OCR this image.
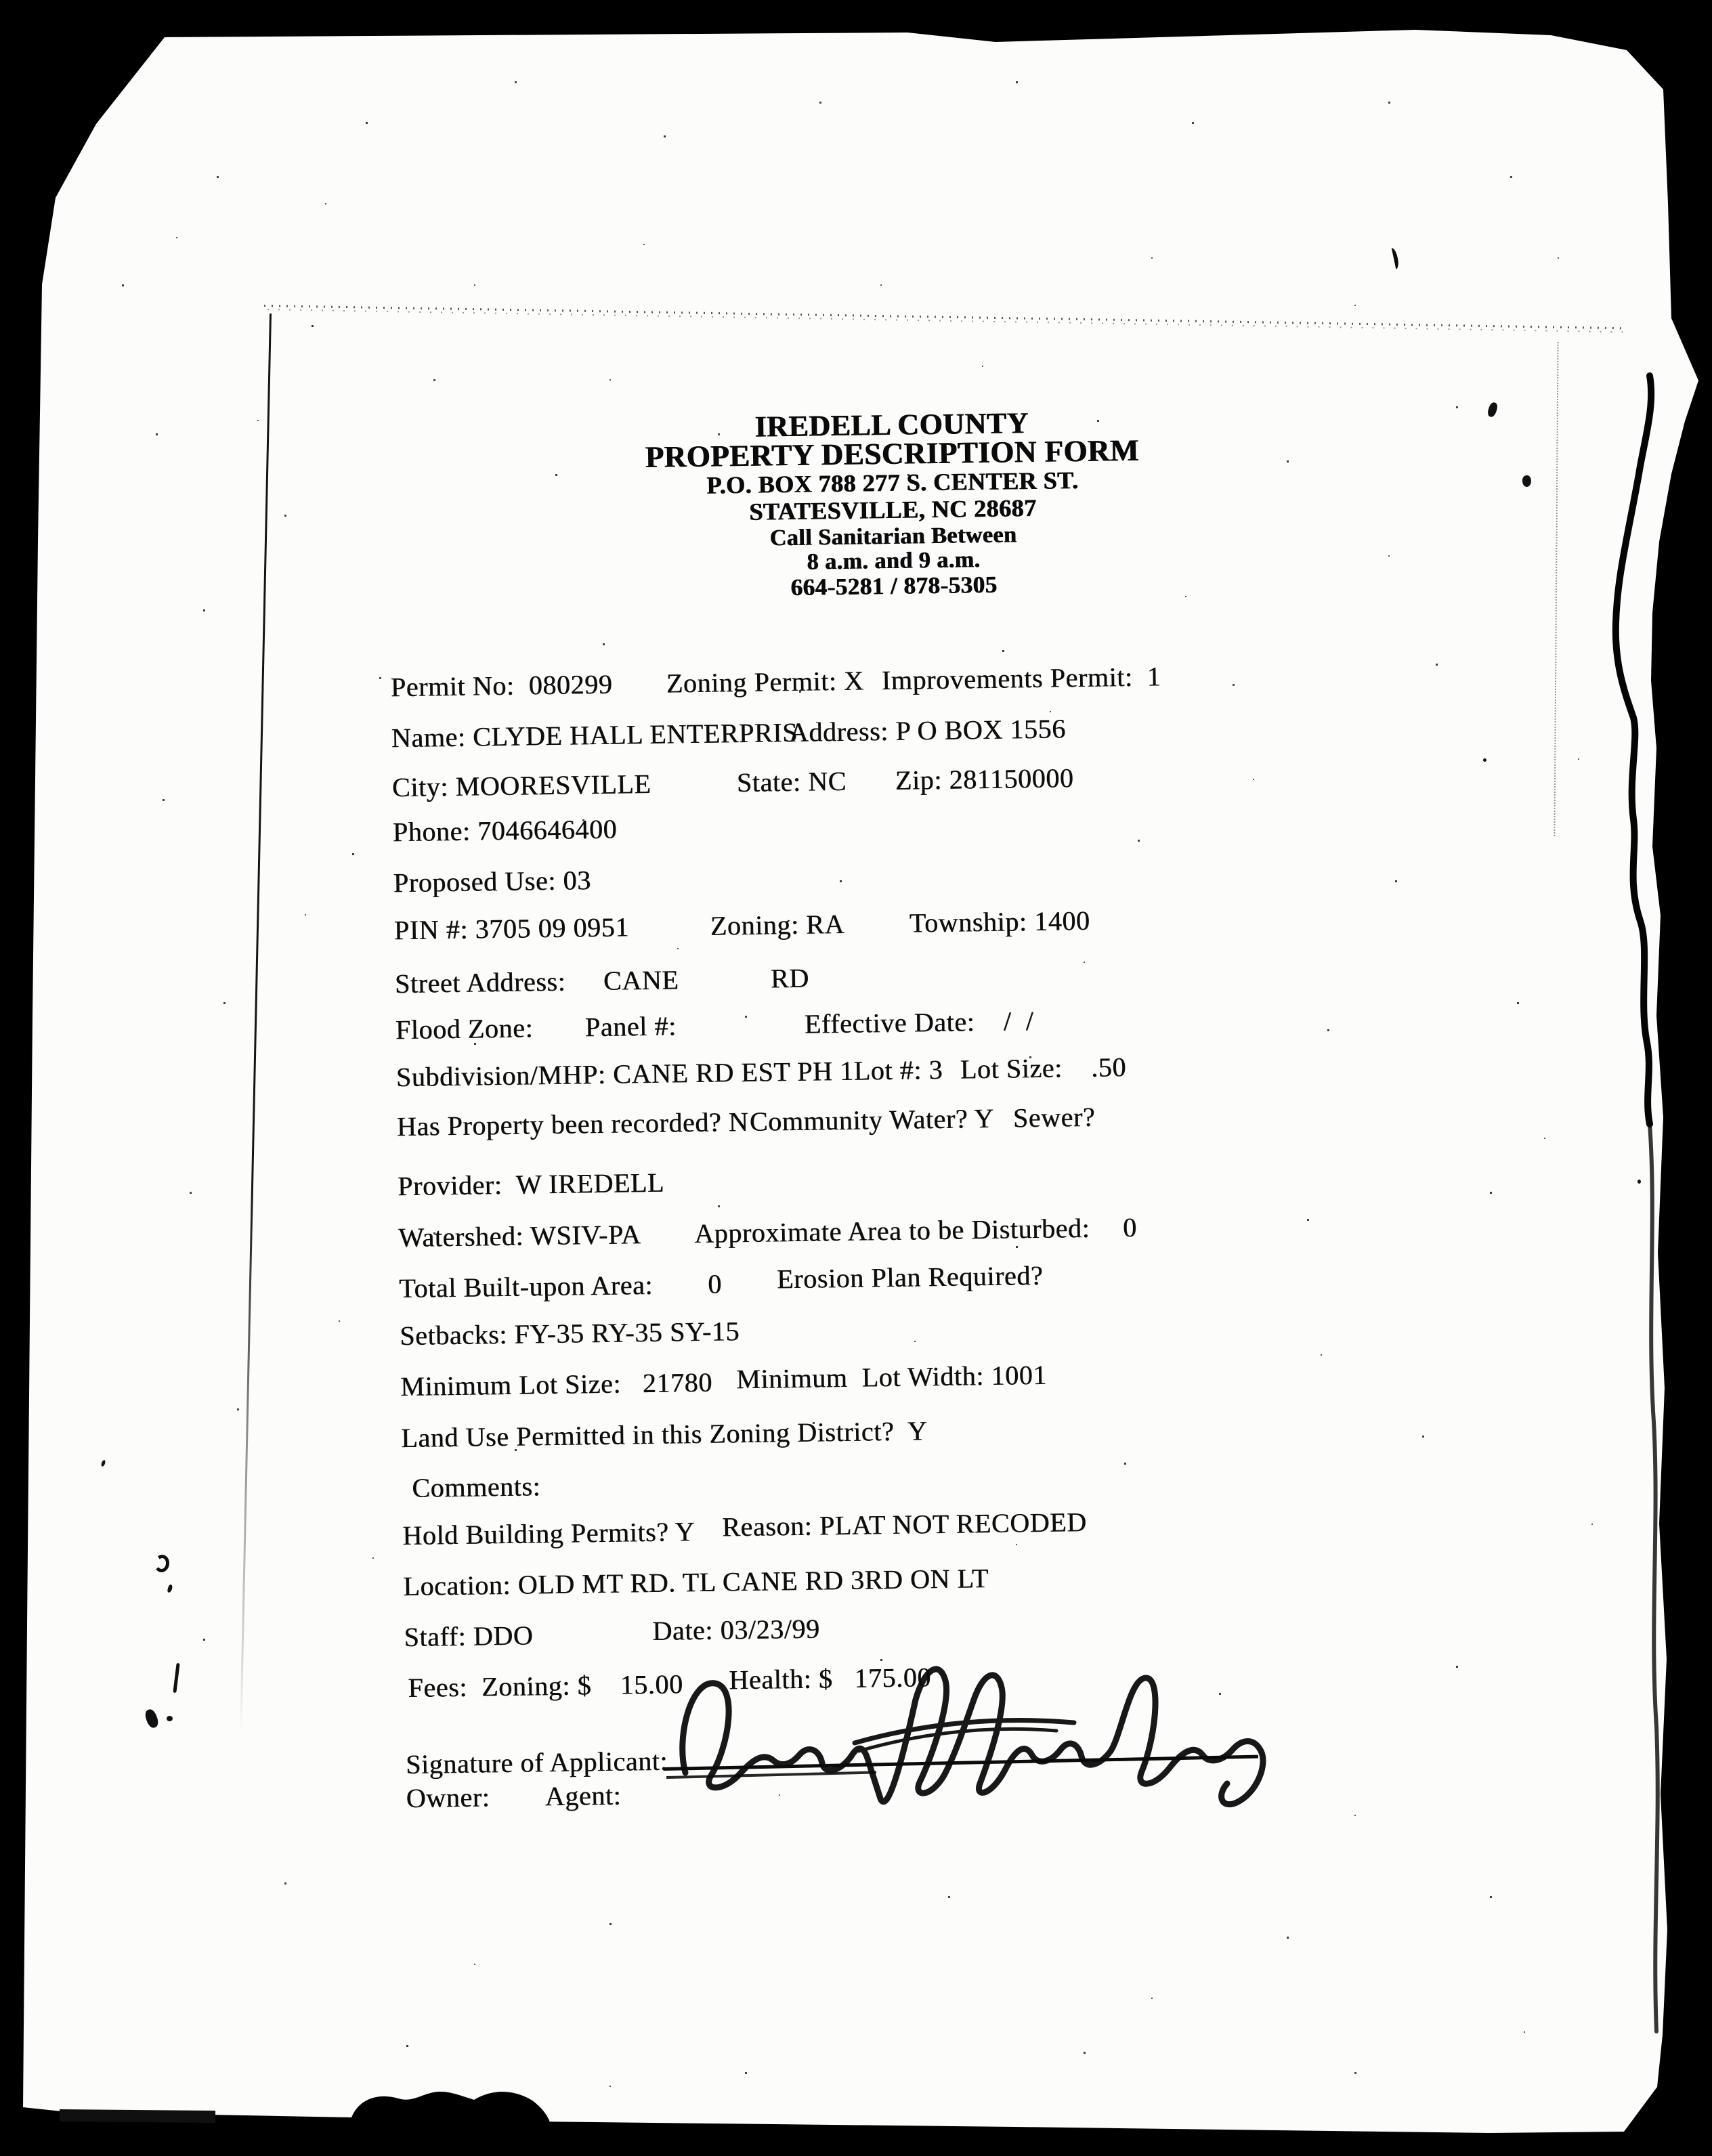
IREDELL COUNTY
PROPERTY DESCRIPTION FORM
P.O. BOX 788 277 S. CENTER ST.
STATESVILLE, NC 28687
Call Sanitarian Between
8 a.m. and 9 a.m.
664-5281 / 878-5305
Permit No:  080299 Zoning Permit: X Improvements Permit:  1
Name: CLYDE HALL ENTERPRIS
Address: P O BOX 1556
City: MOORESVILLE	State: NC Zip: 281150000
Phone: 7046646400
Proposed Use: 03
PIN #: 3705 09 0951	Zoning: RA Township: 1400
Street Address: CANE	RD
Flood Zone: Panel #:	Effective Date:    /  /
Subdivision/MHP: CANE RD EST PH 1Lot #: 3 Lot Size:    .50
Has Property been recorded? N Community Water? Y Sewer?
Provider:  W IREDELL
Watershed: WSIV-PA Approximate Area to be Disturbed: 0
Total Built-upon Area: 0 Erosion Plan Required?
Setbacks: FY-35 RY-35 SY-15
Minimum Lot Size:   21780 Minimum  Lot Width: 1001
Land Use Permitted in this Zoning District?  Y
Comments:
Hold Building Permits? Y Reason: PLAT NOT RECODED
Location: OLD MT RD. TL CANE RD 3RD ON LT
Staff: DDO	Date: 03/23/99
Fees:  Zoning: $    15.00 Health: $   175.00
Signature of Applicant:
Owner: Agent:
